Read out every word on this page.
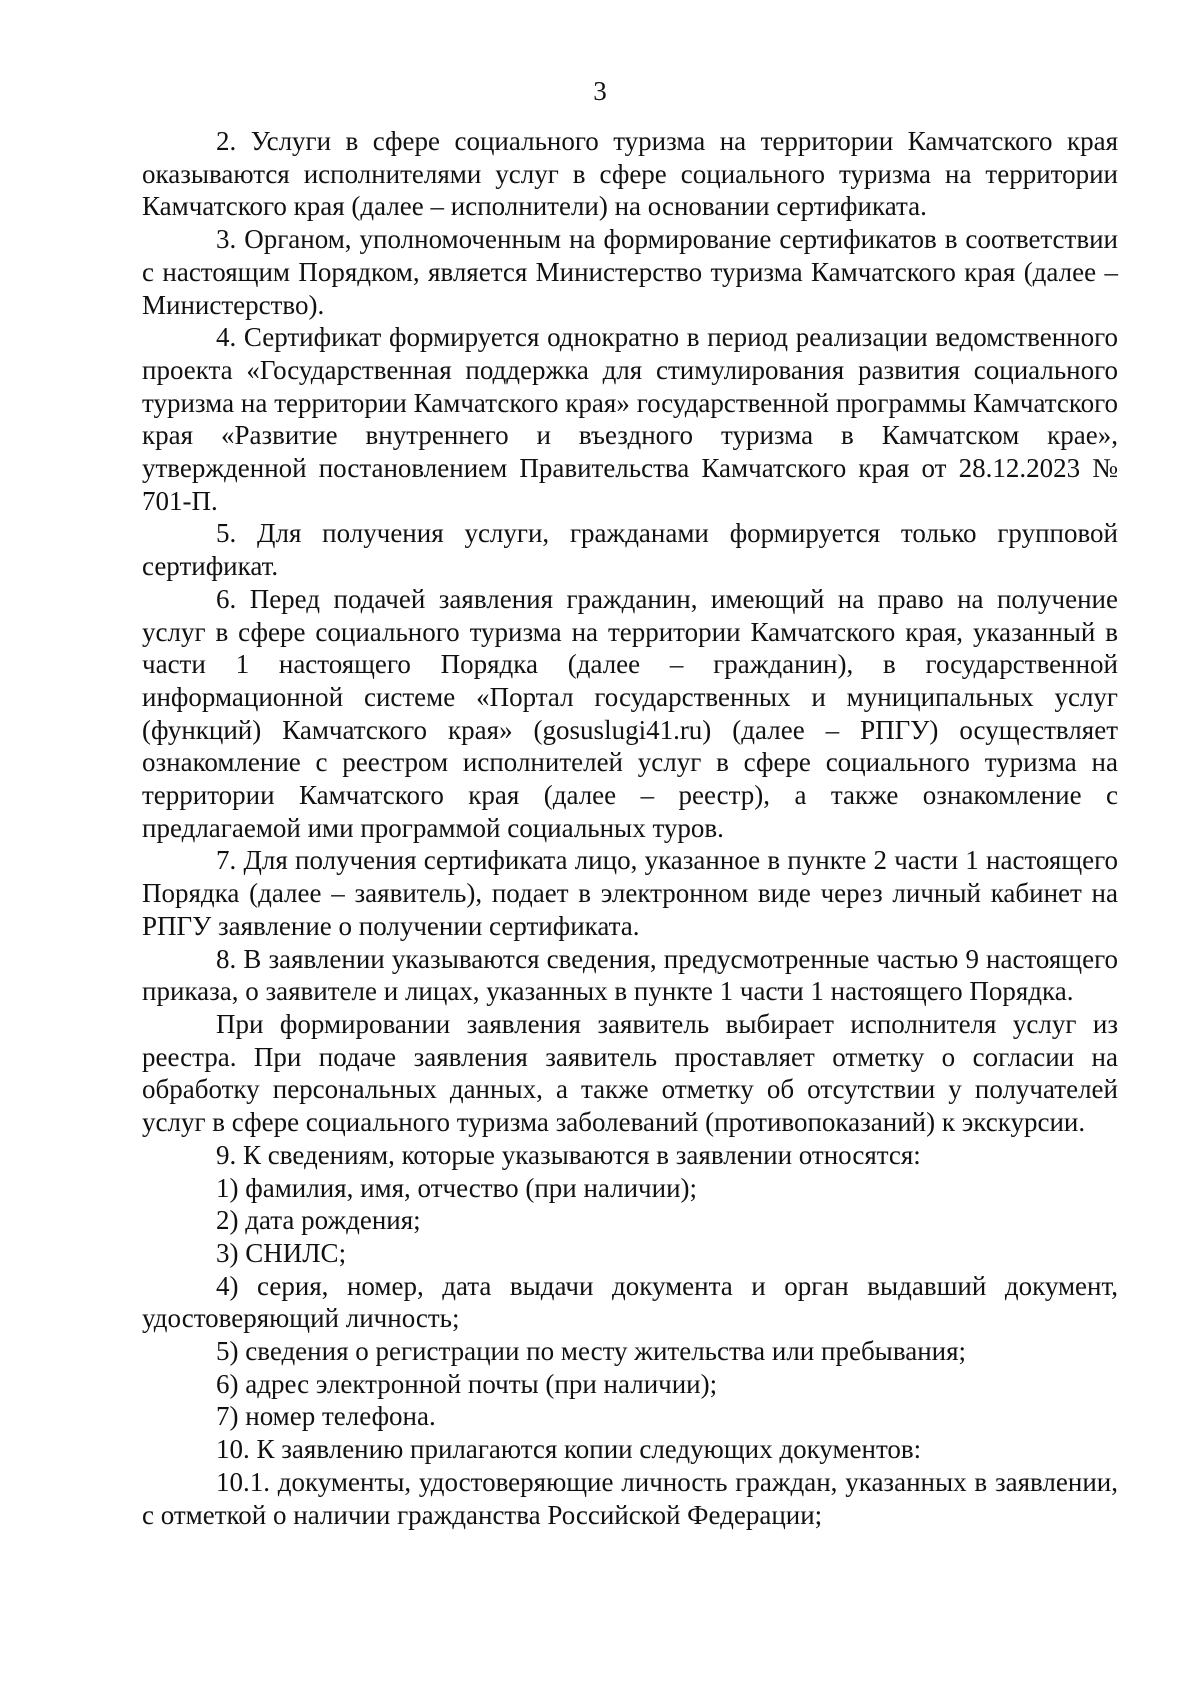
3

2. Услуги в сфере социального туризма на территории Камчатского края оказываются исполнителями услуг в сфере социального туризма на территории Камчатского края (далее – исполнители) на основании сертификата.

3. Органом, уполномоченным на формирование сертификатов в соответствии с настоящим Порядком, является Министерство туризма Камчатского края (далее – Министерство).

4. Сертификат формируется однократно в период реализации ведомственного проекта «Государственная поддержка для стимулирования развития социального туризма на территории Камчатского края» государственной программы Камчатского края «Развитие внутреннего и въездного туризма в Камчатском крае», утвержденной постановлением Правительства Камчатского края от 28.12.2023 № 701-П.

5. Для получения услуги, гражданами формируется только групповой сертификат.

6. Перед подачей заявления гражданин, имеющий на право на получение услуг в сфере социального туризма на территории Камчатского края, указанный в части 1 настоящего Порядка (далее – гражданин), в государственной информационной системе «Портал государственных и муниципальных услуг (функций) Камчатского края» (gosuslugi41.ru) (далее – РПГУ) осуществляет ознакомление с реестром исполнителей услуг в сфере социального туризма на территории Камчатского края (далее – реестр), а также ознакомление с предлагаемой ими программой социальных туров.

7. Для получения сертификата лицо, указанное в пункте 2 части 1 настоящего Порядка (далее – заявитель), подает в электронном виде через личный кабинет на РПГУ заявление о получении сертификата.

8. В заявлении указываются сведения, предусмотренные частью 9 настоящего приказа, о заявителе и лицах, указанных в пункте 1 части 1 настоящего Порядка.

При формировании заявления заявитель выбирает исполнителя услуг из реестра. При подаче заявления заявитель проставляет отметку о согласии на обработку персональных данных, а также отметку об отсутствии у получателей услуг в сфере социального туризма заболеваний (противопоказаний) к экскурсии.

9. К сведениям, которые указываются в заявлении относятся:

1) фамилия, имя, отчество (при наличии);

2) дата рождения;

3) СНИЛС;

4) серия, номер, дата выдачи документа и орган выдавший документ, удостоверяющий личность;

5) сведения о регистрации по месту жительства или пребывания;

6) адрес электронной почты (при наличии);

7) номер телефона.

10. К заявлению прилагаются копии следующих документов:

10.1. документы, удостоверяющие личность граждан, указанных в заявлении, с отметкой о наличии гражданства Российской Федерации;
